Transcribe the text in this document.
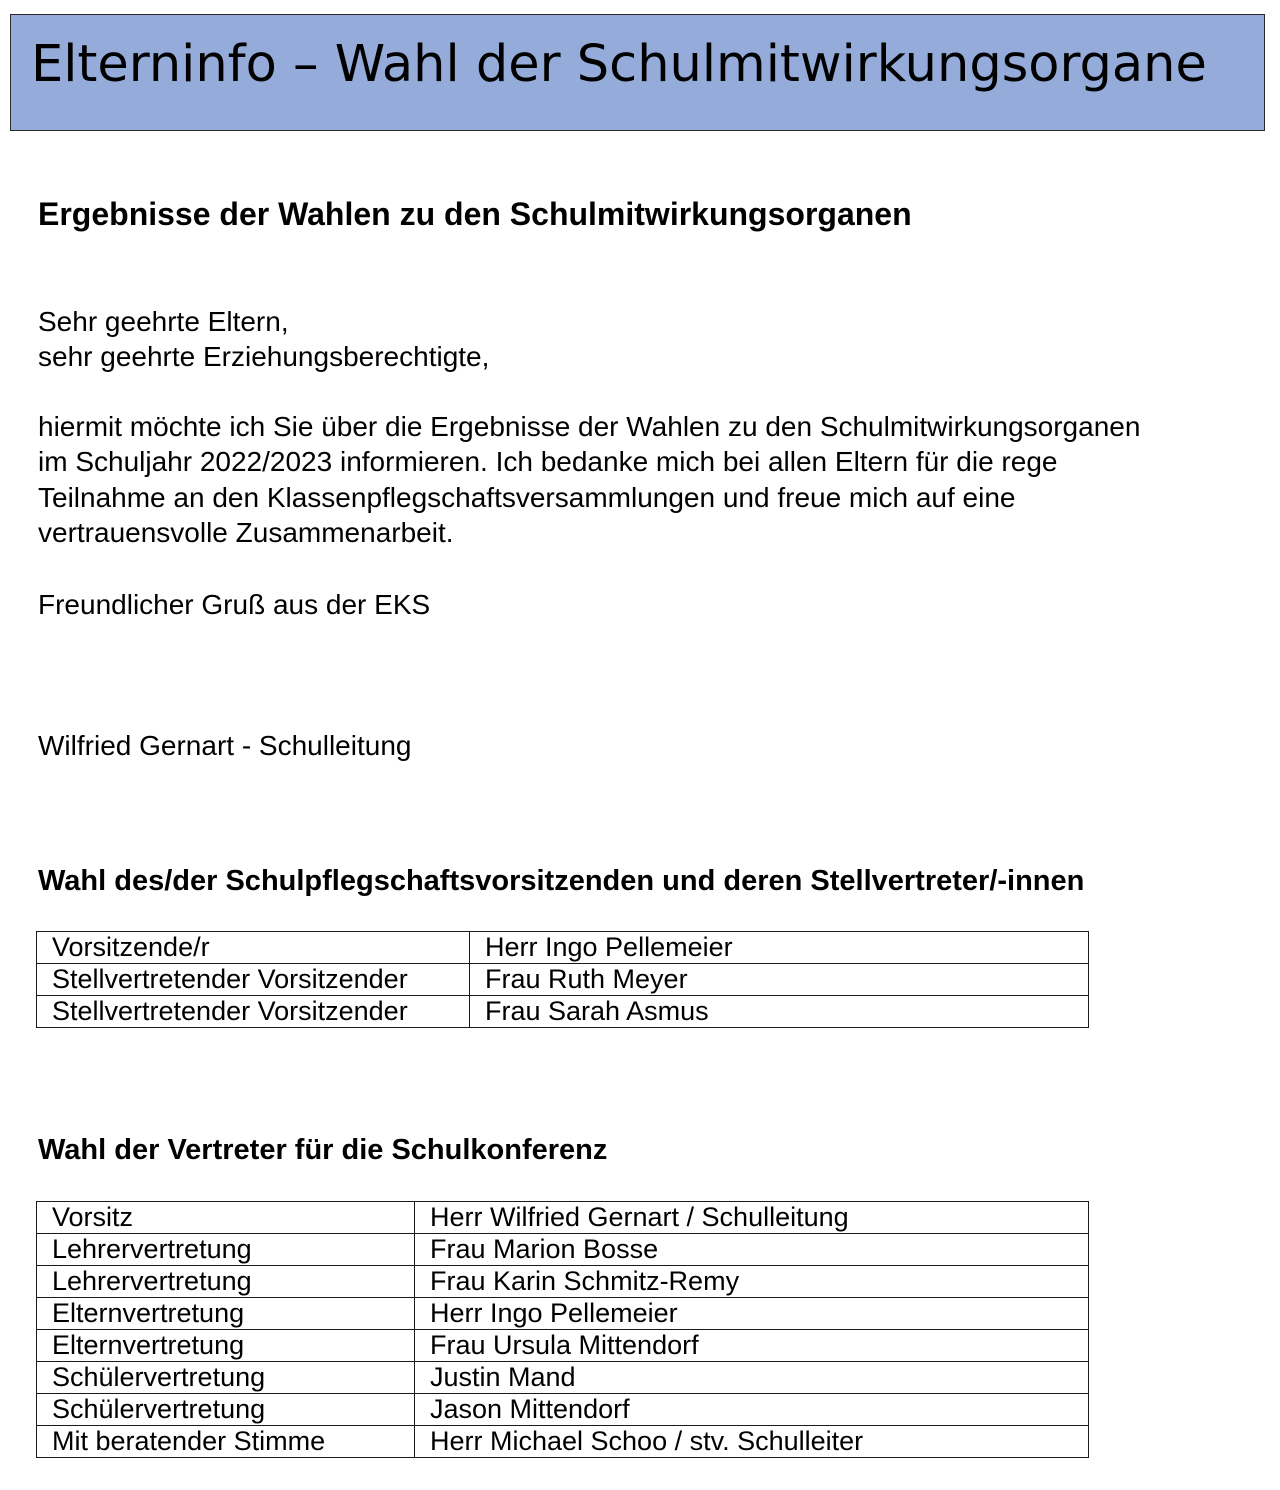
Elterninfo – Wahl der Schulmitwirkungsorgane
Ergebnisse der Wahlen zu den Schulmitwirkungsorganen
Sehr geehrte Eltern,
sehr geehrte Erziehungsberechtigte,
hiermit möchte ich Sie über die Ergebnisse der Wahlen zu den Schulmitwirkungsorganen
im Schuljahr 2022/2023 informieren. Ich bedanke mich bei allen Eltern für die rege
Teilnahme an den Klassenpflegschaftsversammlungen und freue mich auf eine
vertrauensvolle Zusammenarbeit.
Freundlicher Gruß aus der EKS
Wilfried Gernart - Schulleitung
Wahl des/der Schulpflegschaftsvorsitzenden und deren Stellvertreter/-innen
Vorsitzende/r	Herr Ingo Pellemeier
Stellvertretender Vorsitzender	Frau Ruth Meyer
Stellvertretender Vorsitzender	Frau Sarah Asmus
Wahl der Vertreter für die Schulkonferenz
Vorsitz	Herr Wilfried Gernart / Schulleitung
Lehrervertretung	Frau Marion Bosse
Lehrervertretung	Frau Karin Schmitz-Remy
Elternvertretung	Herr Ingo Pellemeier
Elternvertretung	Frau Ursula Mittendorf
Schülervertretung	Justin Mand
Schülervertretung	Jason Mittendorf
Mit beratender Stimme	Herr Michael Schoo / stv. Schulleiter
